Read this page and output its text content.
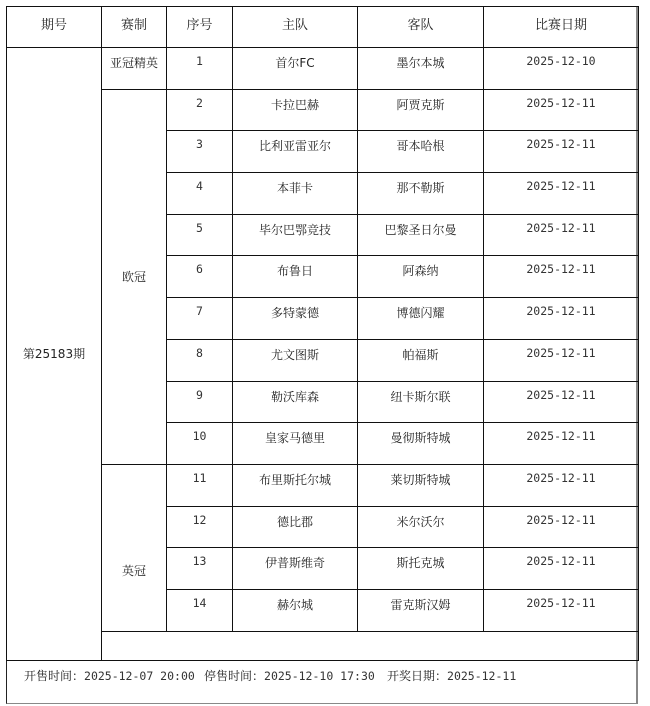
期号	赛制	序号	主队	客队	比赛日期
第25183期	亚冠精英	1	首尔FC	墨尔本城	2025-12-10
	欧冠	2	卡拉巴赫	阿贾克斯	2025-12-11
		3	比利亚雷亚尔	哥本哈根	2025-12-11
		4	本菲卡	那不勒斯	2025-12-11
		5	毕尔巴鄂竞技	巴黎圣日尔曼	2025-12-11
		6	布鲁日	阿森纳	2025-12-11
		7	多特蒙德	博德闪耀	2025-12-11
		8	尤文图斯	帕福斯	2025-12-11
		9	勒沃库森	纽卡斯尔联	2025-12-11
		10	皇家马德里	曼彻斯特城	2025-12-11
	英冠	11	布里斯托尔城	莱切斯特城	2025-12-11
		12	德比郡	米尔沃尔	2025-12-11
		13	伊普斯维奇	斯托克城	2025-12-11
		14	赫尔城	雷克斯汉姆	2025-12-11

开售时间：2025-12-07 20:00 停售时间：2025-12-10 17:30 开奖日期：2025-12-11
